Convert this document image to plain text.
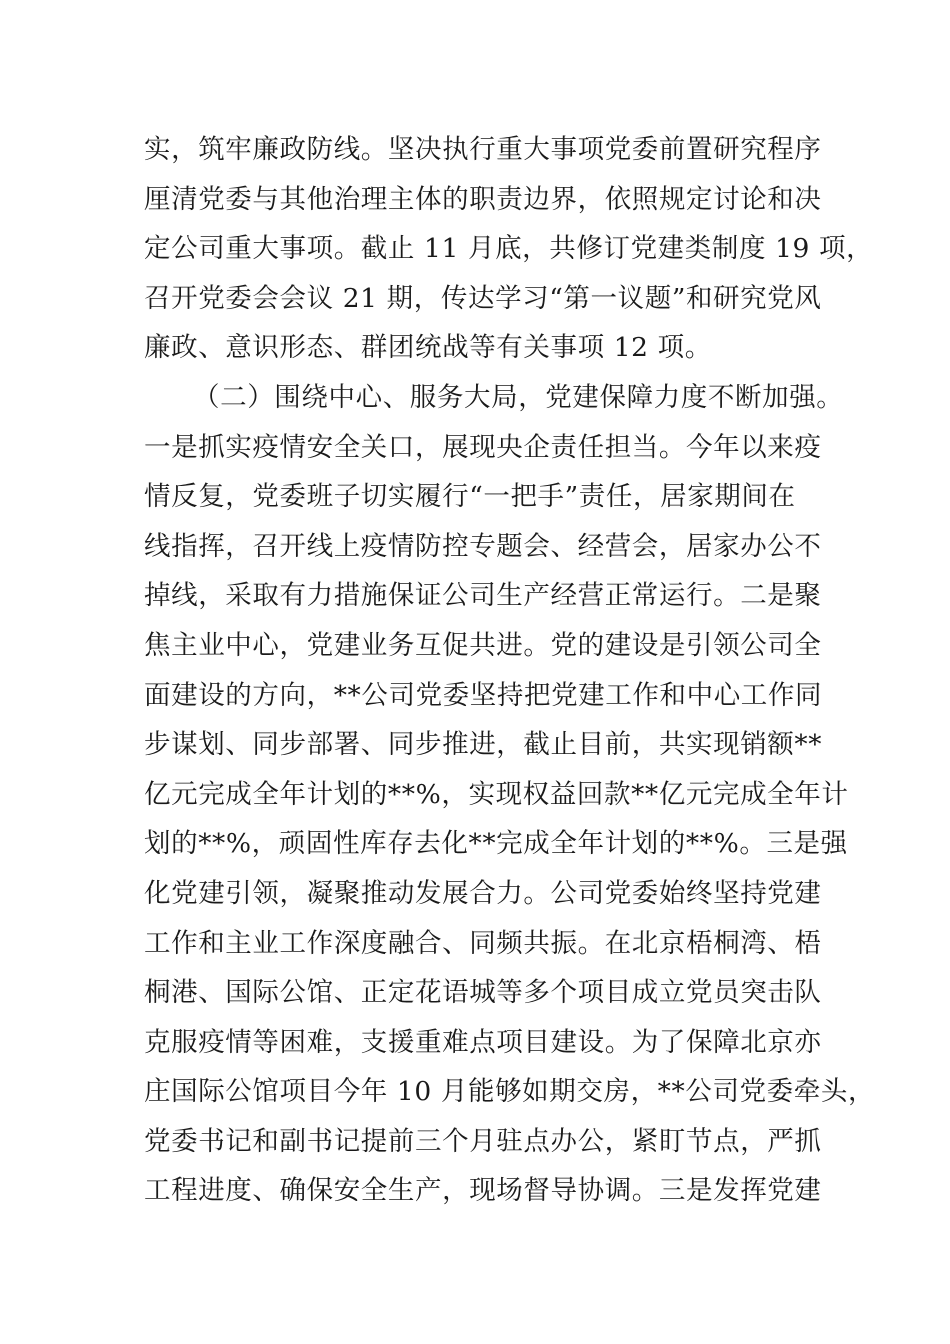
实，筑牢廉政防线。坚决执行重大事项党委前置研究程序
厘清党委与其他治理主体的职责边界，依照规定讨论和决
定公司重大事项。截止 11 月底，共修订党建类制度 19 项，
召开党委会会议 21 期，传达学习“第一议题”和研究党风
廉政、意识形态、群团统战等有关事项 12 项。
（二）围绕中心、服务大局，党建保障力度不断加强。
一是抓实疫情安全关口，展现央企责任担当。今年以来疫
情反复，党委班子切实履行“一把手”责任，居家期间在
线指挥，召开线上疫情防控专题会、经营会，居家办公不
掉线，采取有力措施保证公司生产经营正常运行。二是聚
焦主业中心，党建业务互促共进。党的建设是引领公司全
面建设的方向，**公司党委坚持把党建工作和中心工作同
步谋划、同步部署、同步推进，截止目前，共实现销额**
亿元完成全年计划的**%，实现权益回款**亿元完成全年计
划的**%，顽固性库存去化**完成全年计划的**%。三是强
化党建引领，凝聚推动发展合力。公司党委始终坚持党建
工作和主业工作深度融合、同频共振。在北京梧桐湾、梧
桐港、国际公馆、正定花语城等多个项目成立党员突击队
克服疫情等困难，支援重难点项目建设。为了保障北京亦
庄国际公馆项目今年 10 月能够如期交房，**公司党委牵头，
党委书记和副书记提前三个月驻点办公，紧盯节点，严抓
工程进度、确保安全生产，现场督导协调。三是发挥党建
